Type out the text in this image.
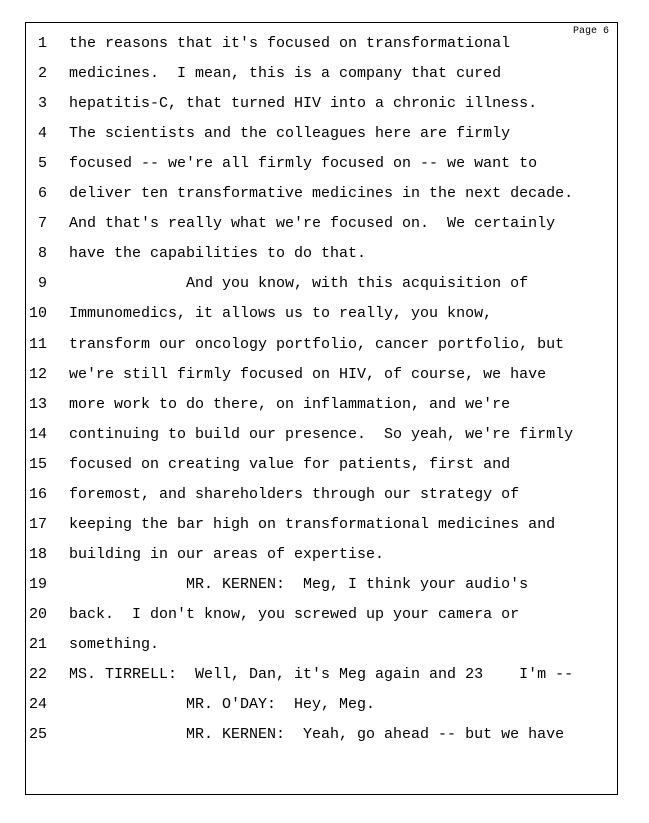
Page 6
1 the reasons that it's focused on transformational
2 medicines.  I mean, this is a company that cured
3 hepatitis-C, that turned HIV into a chronic illness.
4 The scientists and the colleagues here are firmly
5 focused -- we're all firmly focused on -- we want to
6 deliver ten transformative medicines in the next decade.
7 And that's really what we're focused on.  We certainly
8 have the capabilities to do that.
9 And you know, with this acquisition of
10 Immunomedics, it allows us to really, you know,
11 transform our oncology portfolio, cancer portfolio, but
12 we're still firmly focused on HIV, of course, we have
13 more work to do there, on inflammation, and we're
14 continuing to build our presence.  So yeah, we're firmly
15 focused on creating value for patients, first and
16 foremost, and shareholders through our strategy of
17 keeping the bar high on transformational medicines and
18 building in our areas of expertise.
19 MR. KERNEN:  Meg, I think your audio's
20 back.  I don't know, you screwed up your camera or
21 something.
22 MS. TIRRELL:  Well, Dan, it's Meg again and 23    I'm --
24 MR. O'DAY:  Hey, Meg.
25 MR. KERNEN:  Yeah, go ahead -- but we have
